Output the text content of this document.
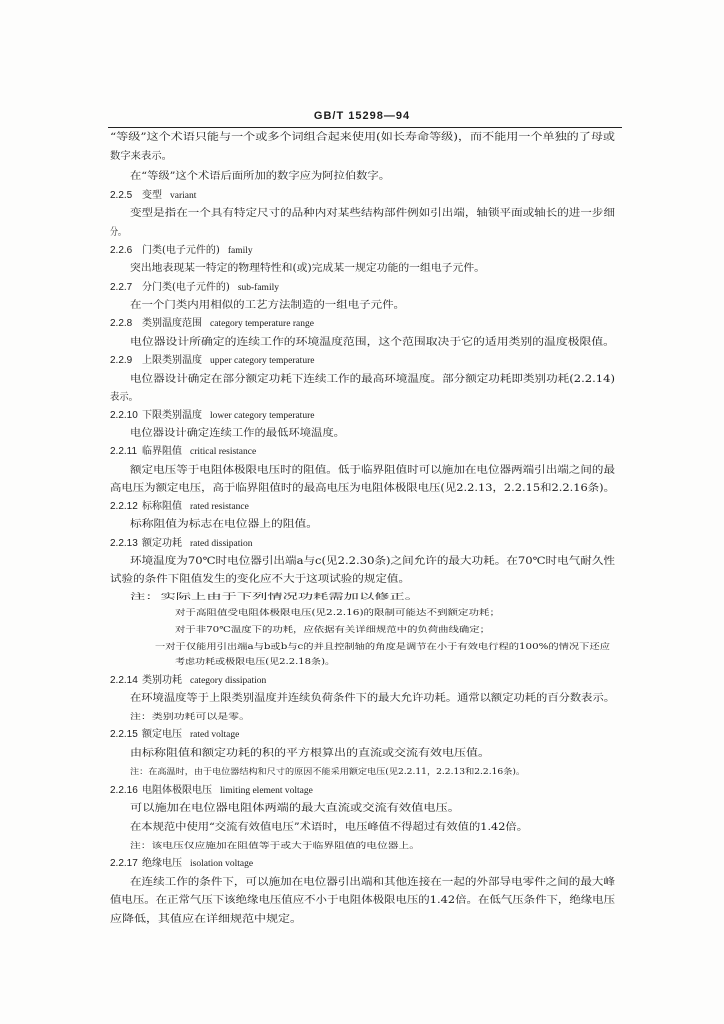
GB/T 15298—94
“等级”这个术语只能与一个或多个词组合起来使用(如长寿命等级)，而不能用一个单独的了母或
数字来表示。
在“等级”这个术语后面所加的数字应为阿拉伯数字。
2.2.5 变型 variant
变型是指在一个具有特定尺寸的品种内对某些结构部件例如引出端，轴锁平面或轴长的进一步细
分。
2.2.6 门类(电子元件的) family
突出地表现某一特定的物理特性和(或)完成某一规定功能的一组电子元件。
2.2.7 分门类(电子元件的) sub-family
在一个门类内用相似的工艺方法制造的一组电子元件。
2.2.8 类别温度范围 category temperature range
电位器设计所确定的连续工作的环境温度范围，这个范围取决于它的适用类别的温度极限值。
2.2.9 上限类别温度 upper category temperature
电位器设计确定在部分额定功耗下连续工作的最高环境温度。部分额定功耗即类别功耗(2.2.14)
表示。
2.2.10 下限类别温度 lower category temperature
电位器设计确定连续工作的最低环境温度。
2.2.11 临界阻值 critical resistance
额定电压等于电阻体极限电压时的阻值。低于临界阻值时可以施加在电位器两端引出端之间的最
高电压为额定电压，高于临界阻值时的最高电压为电阻体极限电压(见2.2.13，2.2.15和2.2.16条)。
2.2.12 标称阻值 rated resistance
标称阻值为标志在电位器上的阻值。
2.2.13 额定功耗 rated dissipation
环境温度为70℃时电位器引出端a与c(见2.2.30条)之间允许的最大功耗。在70℃时电气耐久性
试验的条件下阻值发生的变化应不大于这项试验的规定值。
注：实际上由于下列情况功耗需加以修正。
对于高阻值受电阻体极限电压(见2.2.16)的限制可能达不到额定功耗；
对于非70℃温度下的功耗，应依据有关详细规范中的负荷曲线确定；
一对于仅能用引出端a与b或b与c的并且控制轴的角度是调节在小于有效电行程的100%的情况下还应
考虑功耗或极限电压(见2.2.18条)。
2.2.14 类别功耗 category dissipation
在环境温度等于上限类别温度并连续负荷条件下的最大允许功耗。通常以额定功耗的百分数表示。
注：类别功耗可以是零。
2.2.15 额定电压 rated voltage
由标称阻值和额定功耗的积的平方根算出的直流或交流有效电压值。
注：在高温时，由于电位器结构和尺寸的原因不能采用额定电压(见2.2.11，2.2.13和2.2.16条)。
2.2.16 电阻体极限电压 limiting element voltage
可以施加在电位器电阻体两端的最大直流或交流有效值电压。
在本规范中使用“交流有效值电压”术语时，电压峰值不得超过有效值的1.42倍。
注：该电压仅应施加在阻值等于或大于临界阻值的电位器上。
2.2.17 绝缘电压 isolation voltage
在连续工作的条件下，可以施加在电位器引出端和其他连接在一起的外部导电零件之间的最大峰
值电压。在正常气压下该绝缘电压值应不小于电阻体极限电压的1.42倍。在低气压条件下，绝缘电压
应降低，其值应在详细规范中规定。
